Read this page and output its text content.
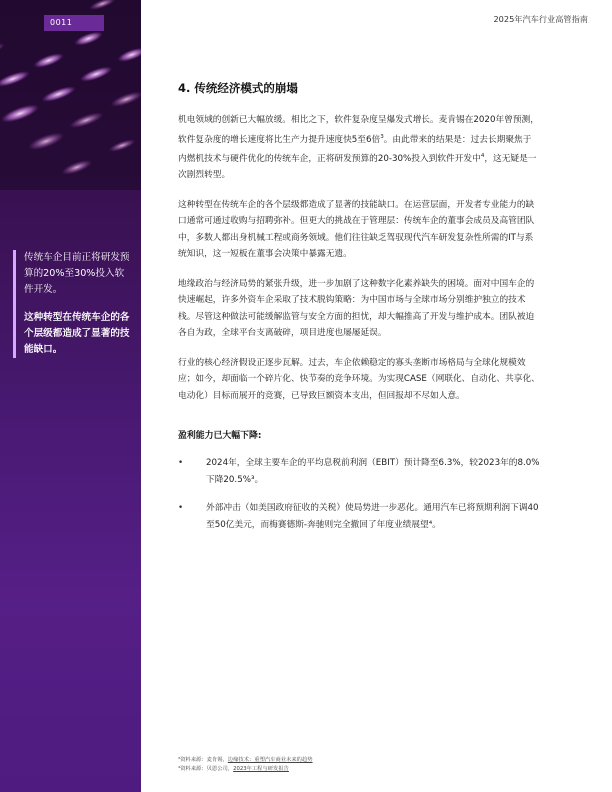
0011
传统车企目前正将研发预算的20%至30%投入软件开发。
这种转型在传统车企的各个层级都造成了显著的技能缺口。
2025年汽车行业高管指南
4. 传统经济模式的崩塌

机电领域的创新已大幅放缓。相比之下，软件复杂度呈爆发式增长。麦肯锡在2020年曾预测，软件复杂度的增长速度将比生产力提升速度快5至6倍$^3$。由此带来的结果是：过去长期聚焦于内燃机技术与硬件优化的传统车企，正将研发预算的20-30%投入到软件开发中$^4$，这无疑是一次剧烈转型。

这种转型在传统车企的各个层级都造成了显著的技能缺口。在运营层面，开发者专业能力的缺口通常可通过收购与招聘弥补。但更大的挑战在于管理层：传统车企的董事会成员及高管团队中，多数人都出身机械工程或商务领域。他们往往缺乏驾驭现代汽车研发复杂性所需的IT与系统知识，这一短板在董事会决策中暴露无遗。

地缘政治与经济局势的紧张升级，进一步加剧了这种数字化素养缺失的困境。面对中国车企的快速崛起，许多外资车企采取了技术脱钩策略：为中国市场与全球市场分别维护独立的技术栈。尽管这种做法可能缓解监管与安全方面的担忧，却大幅推高了开发与维护成本。团队被迫各自为政，全球平台支离破碎，项目进度也屡屡延误。

行业的核心经济假设正逐步瓦解。过去，车企依赖稳定的寡头垄断市场格局与全球化规模效应；如今，却面临一个碎片化、快节奏的竞争环境。为实现CASE（网联化、自动化、共享化、电动化）目标而展开的竞赛，已导致巨额资本支出，但回报却不尽如人意。

盈利能力已大幅下降:
•	2024年，全球主要车企的平均息税前利润（EBIT）预计降至6.3%，较2023年的8.0%下降20.5%³。
•	外部冲击（如美国政府征收的关税）使局势进一步恶化。通用汽车已将预期利润下调40至50亿美元，而梅赛德斯-奔驰则完全撤回了年度业绩展望⁴。
³资料来源：麦肯锡，边缘技术：重塑汽车商业未来的趋势
⁴资料来源：贝恩公司，2023年工程与研发报告
